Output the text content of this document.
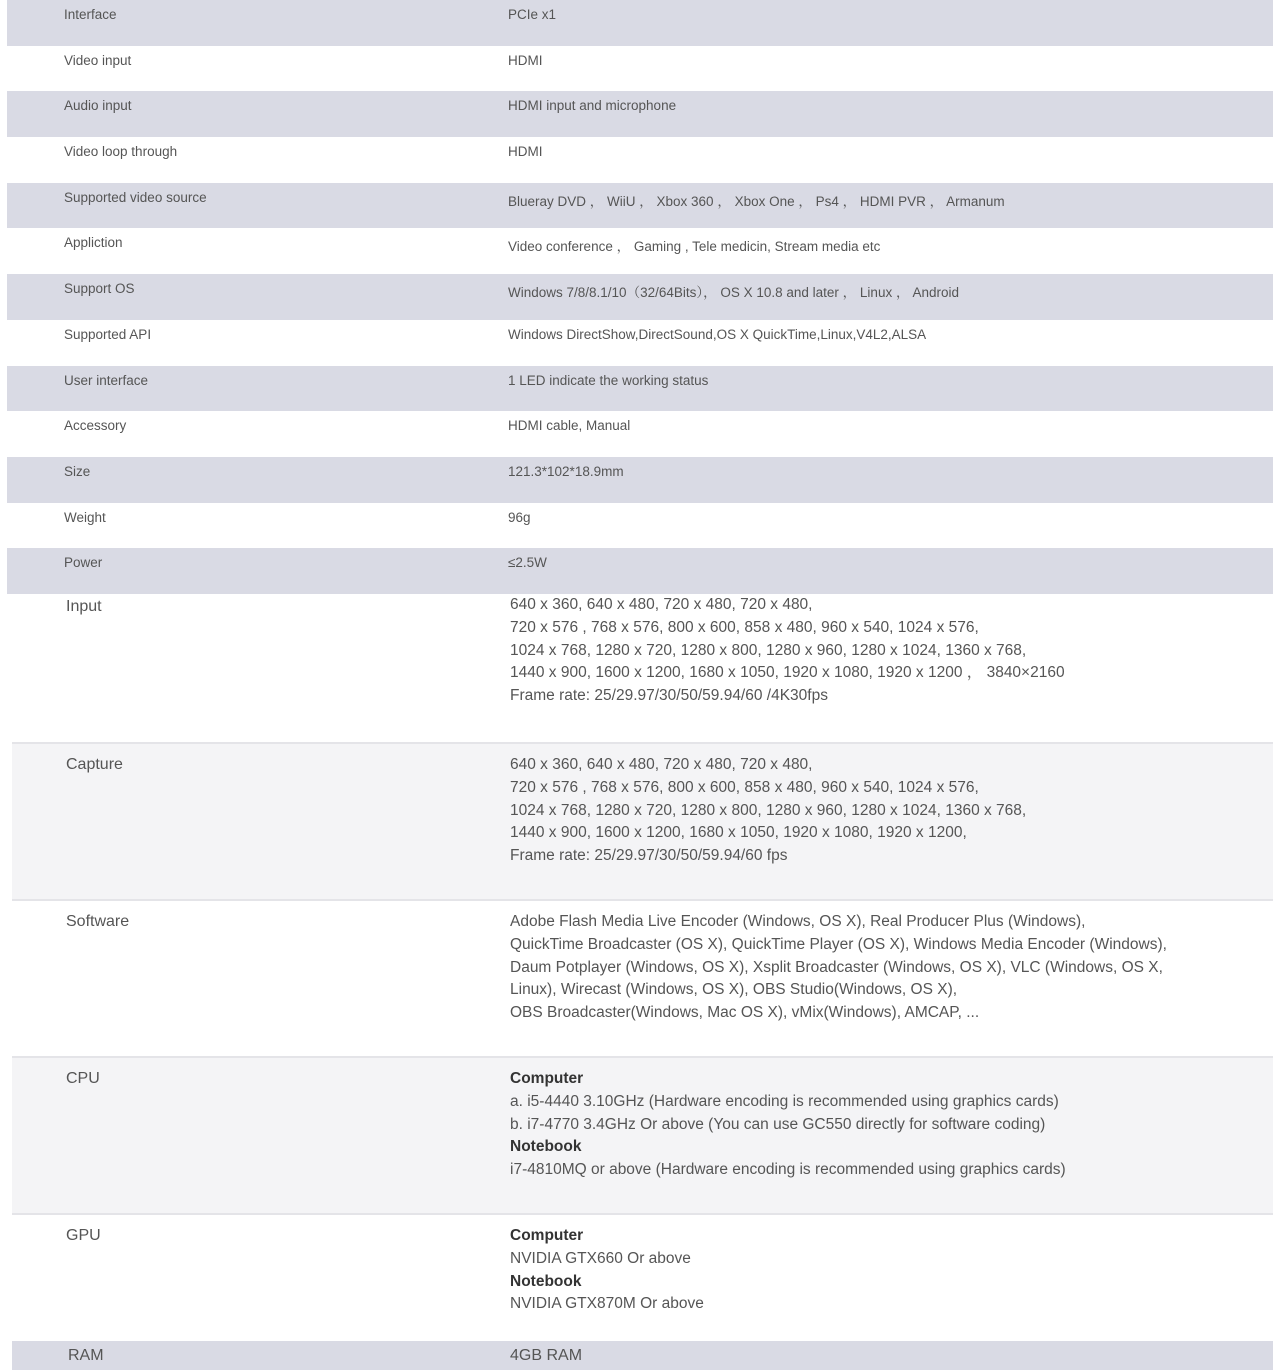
Interface	PCIe x1
Video input	HDMI
Audio input	HDMI input and microphone
Video loop through	HDMI
Supported video source	Blueray DVD ， WiiU ， Xbox 360 ， Xbox One ， Ps4 ， HDMI PVR ， Armanum
Appliction	Video conference ， Gaming , Tele medicin, Stream media etc
Support OS	Windows 7/8/8.1/10（32/64Bits）， OS X 10.8 and later ， Linux ， Android
Supported API	Windows DirectShow,DirectSound,OS X QuickTime,Linux,V4L2,ALSA
User interface	1 LED indicate the working status
Accessory	HDMI cable, Manual
Size	121.3*102*18.9mm
Weight	96g
Power	≤2.5W
Input	640 x 360, 640 x 480, 720 x 480, 720 x 480,
720 x 576 , 768 x 576, 800 x 600, 858 x 480, 960 x 540, 1024 x 576,
1024 x 768, 1280 x 720, 1280 x 800, 1280 x 960, 1280 x 1024, 1360 x 768,
1440 x 900, 1600 x 1200, 1680 x 1050, 1920 x 1080, 1920 x 1200 ， 3840×2160
Frame rate: 25/29.97/30/50/59.94/60 /4K30fps
Capture	640 x 360, 640 x 480, 720 x 480, 720 x 480,
720 x 576 , 768 x 576, 800 x 600, 858 x 480, 960 x 540, 1024 x 576,
1024 x 768, 1280 x 720, 1280 x 800, 1280 x 960, 1280 x 1024, 1360 x 768,
1440 x 900, 1600 x 1200, 1680 x 1050, 1920 x 1080, 1920 x 1200,
Frame rate: 25/29.97/30/50/59.94/60 fps
Software	Adobe Flash Media Live Encoder (Windows, OS X), Real Producer Plus (Windows),
QuickTime Broadcaster (OS X), QuickTime Player (OS X), Windows Media Encoder (Windows),
Daum Potplayer (Windows, OS X), Xsplit Broadcaster (Windows, OS X), VLC (Windows, OS X,
Linux), Wirecast (Windows, OS X), OBS Studio(Windows, OS X),
OBS Broadcaster(Windows, Mac OS X), vMix(Windows), AMCAP, ...
CPU	Computer
a. i5-4440 3.10GHz (Hardware encoding is recommended using graphics cards)
b. i7-4770 3.4GHz Or above (You can use GC550 directly for software coding)
Notebook
i7-4810MQ or above (Hardware encoding is recommended using graphics cards)
GPU	Computer
NVIDIA GTX660 Or above
Notebook
NVIDIA GTX870M Or above
RAM	4GB RAM
